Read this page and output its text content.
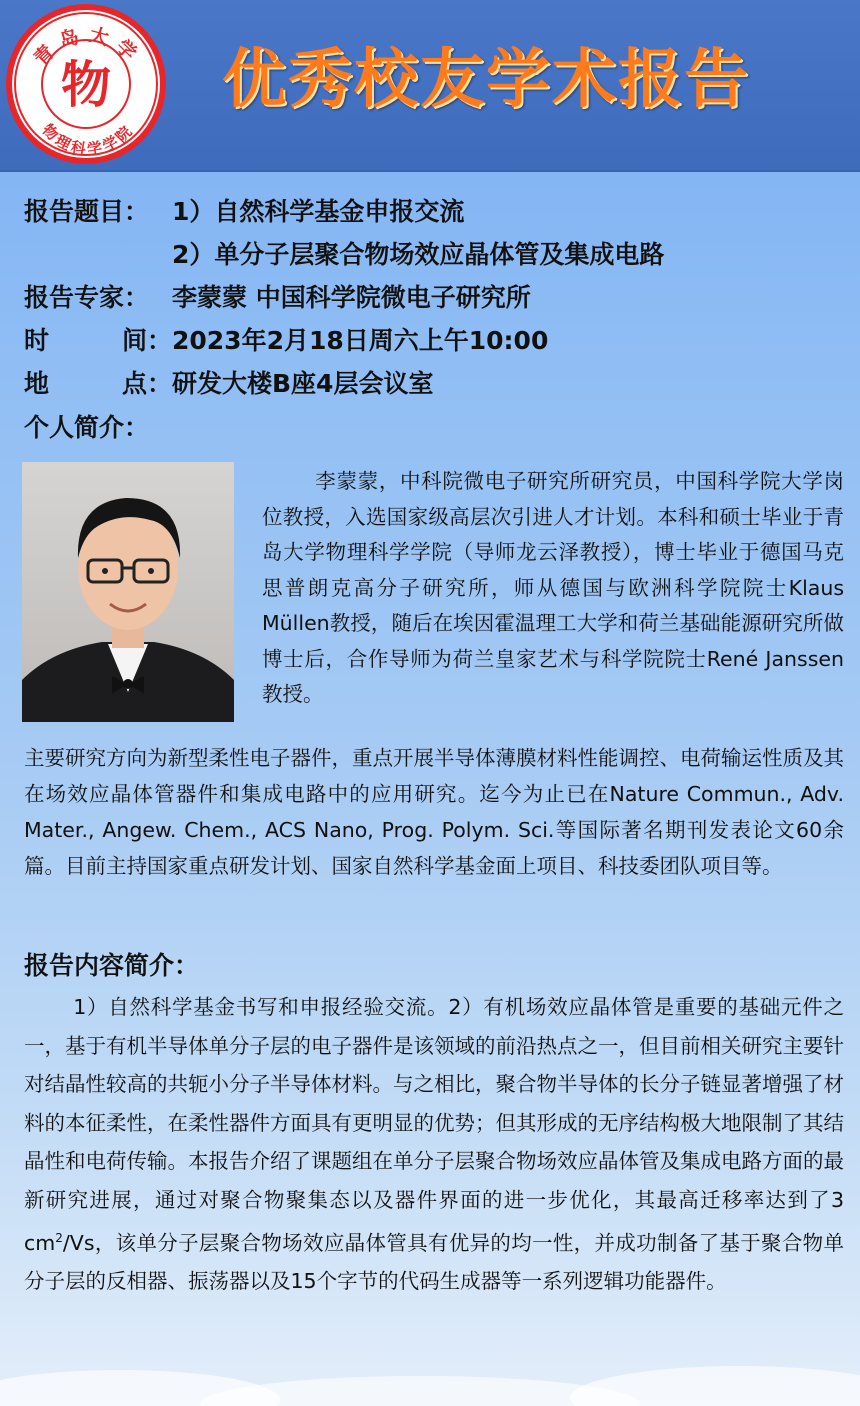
青岛大学
物理科学学院
物 优秀校友学术报告
报告题目： 1）自然科学基金申报交流
2）单分子层聚合物场效应晶体管及集成电路
报告专家： 李蒙蒙 中国科学院微电子研究所
时	间： 2023年2月18日周六上午10:00
地	点： 研发大楼B座4层会议室
个人简介：

李蒙蒙，中科院微电子研究所研究员，中国科学院大学岗位教授，入选国家级高层次引进人才计划。本科和硕士毕业于青岛大学物理科学学院（导师龙云泽教授），博士毕业于德国马克思普朗克高分子研究所，师从德国与欧洲科学院院士Klaus Müllen教授，随后在埃因霍温理工大学和荷兰基础能源研究所做博士后，合作导师为荷兰皇家艺术与科学院院士René Janssen教授。

主要研究方向为新型柔性电子器件，重点开展半导体薄膜材料性能调控、电荷输运性质及其在场效应晶体管器件和集成电路中的应用研究。迄今为止已在Nature Commun., Adv. Mater., Angew. Chem., ACS Nano, Prog. Polym. Sci.等国际著名期刊发表论文60余篇。目前主持国家重点研发计划、国家自然科学基金面上项目、科技委团队项目等。

报告内容简介：

1）自然科学基金书写和申报经验交流。2）有机场效应晶体管是重要的基础元件之一，基于有机半导体单分子层的电子器件是该领域的前沿热点之一，但目前相关研究主要针对结晶性较高的共轭小分子半导体材料。与之相比，聚合物半导体的长分子链显著增强了材料的本征柔性，在柔性器件方面具有更明显的优势；但其形成的无序结构极大地限制了其结晶性和电荷传输。本报告介绍了课题组在单分子层聚合物场效应晶体管及集成电路方面的最新研究进展，通过对聚合物聚集态以及器件界面的进一步优化，其最高迁移率达到了3 $cm^2/Vs$，该单分子层聚合物场效应晶体管具有优异的均一性，并成功制备了基于聚合物单分子层的反相器、振荡器以及15个字节的代码生成器等一系列逻辑功能器件。
